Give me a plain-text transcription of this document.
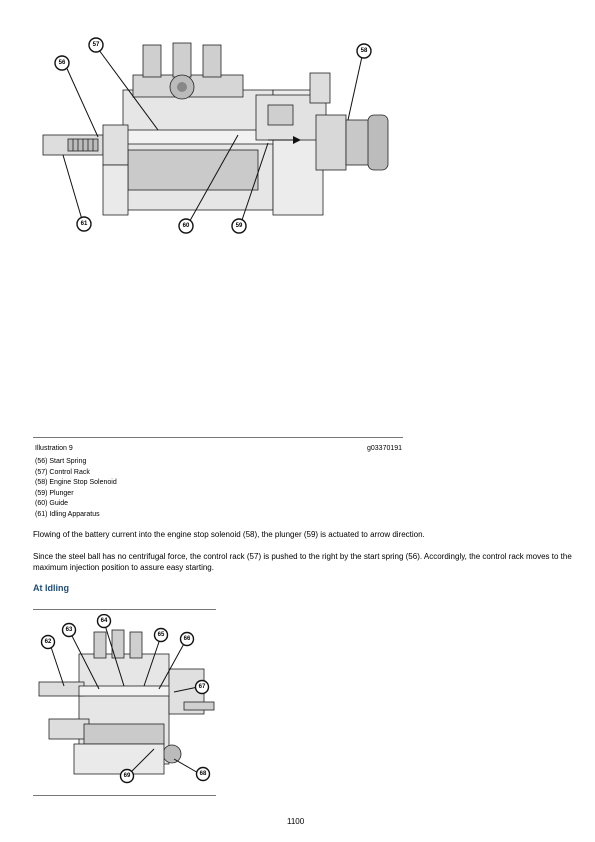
56
57
58
59
60
61
Illustration 9	g03370191
(56) Start Spring
(57) Control Rack
(58) Engine Stop Solenoid
(59) Plunger
(60) Guide
(61) Idling Apparatus
Flowing of the battery current into the engine stop solenoid (58), the plunger (59) is actuated to arrow direction.
Since the steel ball has no centrifugal force, the control rack (57) is pushed to the right by the start spring (56). Accordingly, the control rack moves to the maximum injection position to assure easy starting.
At Idling
62
63
64
65
66
67
68
69
1100
